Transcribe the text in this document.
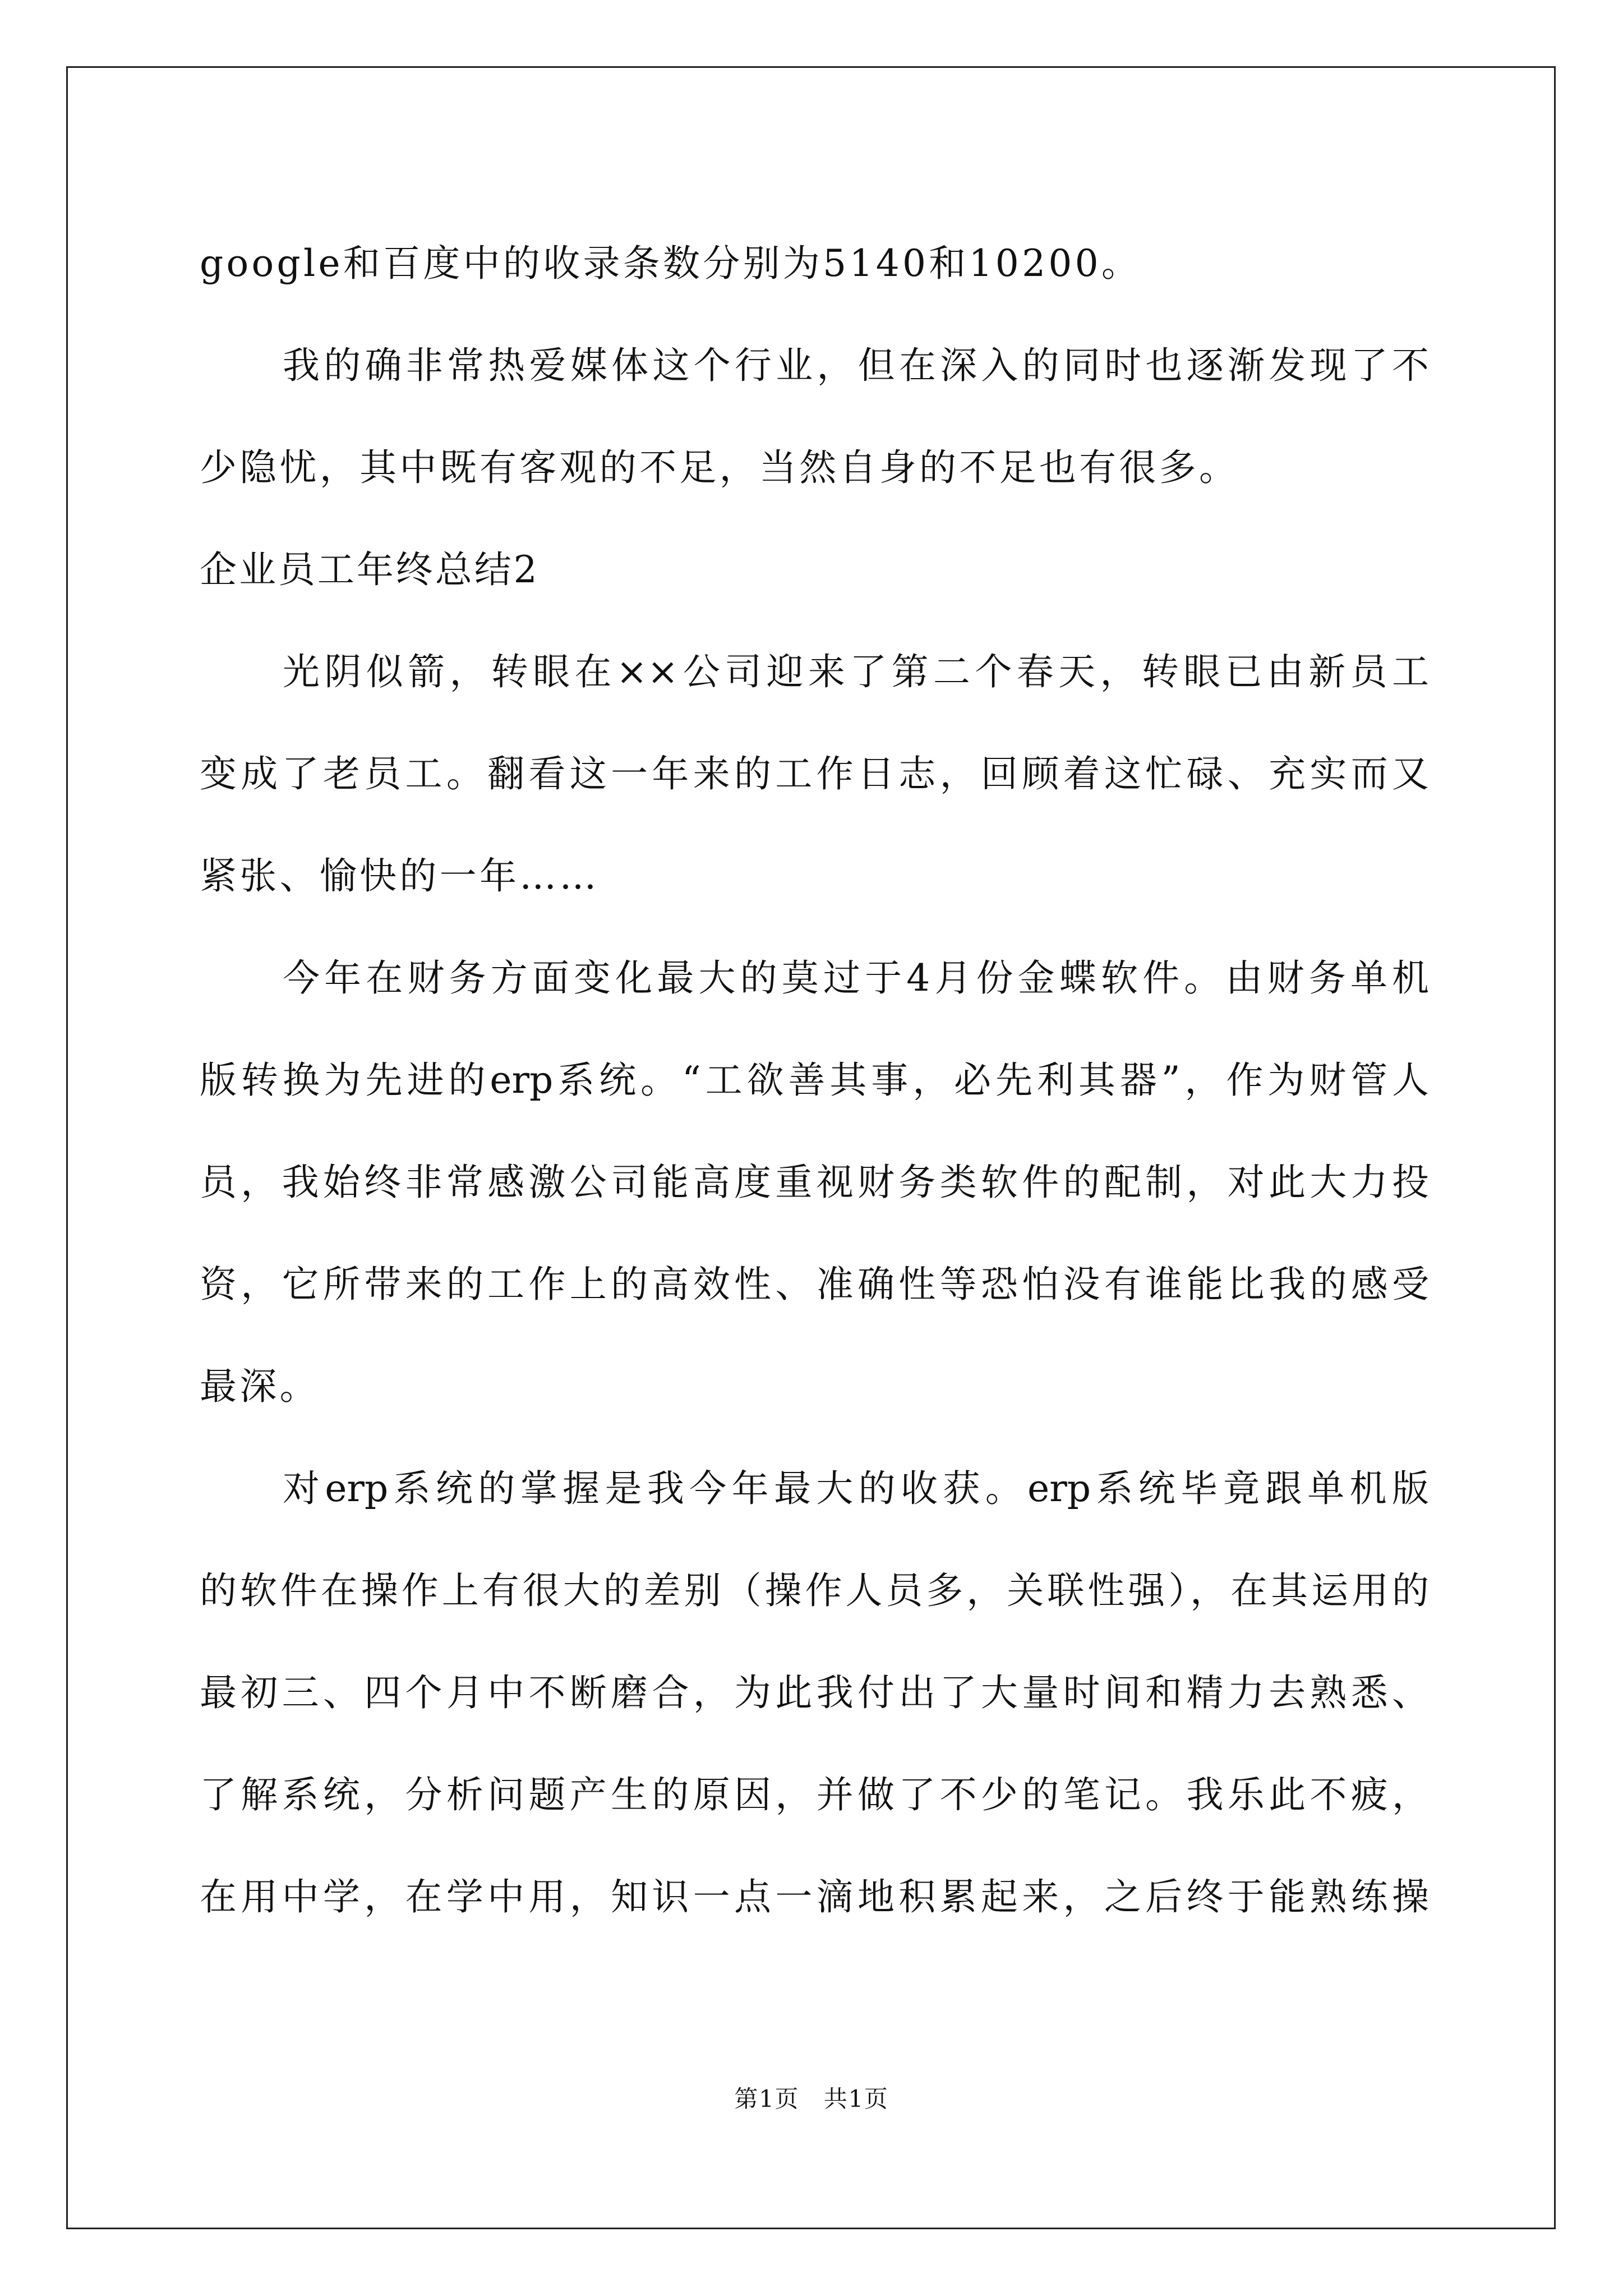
google和百度中的收录条数分别为5140和10200。

我的确非常热爱媒体这个行业，但在深入的同时也逐渐发现了不

少隐忧，其中既有客观的不足，当然自身的不足也有很多。

企业员工年终总结2

光阴似箭，转眼在××公司迎来了第二个春天，转眼已由新员工

变成了老员工。翻看这一年来的工作日志，回顾着这忙碌、充实而又

紧张、愉快的一年……

今年在财务方面变化最大的莫过于4月份金蝶软件。由财务单机

版转换为先进的erp系统。“工欲善其事，必先利其器”，作为财管人

员，我始终非常感激公司能高度重视财务类软件的配制，对此大力投

资，它所带来的工作上的高效性、准确性等恐怕没有谁能比我的感受

最深。

对erp系统的掌握是我今年最大的收获。erp系统毕竟跟单机版

的软件在操作上有很大的差别（操作人员多，关联性强），在其运用的

最初三、四个月中不断磨合，为此我付出了大量时间和精力去熟悉、

了解系统，分析问题产生的原因，并做了不少的笔记。我乐此不疲，

在用中学，在学中用，知识一点一滴地积累起来，之后终于能熟练操

第1页　共1页
